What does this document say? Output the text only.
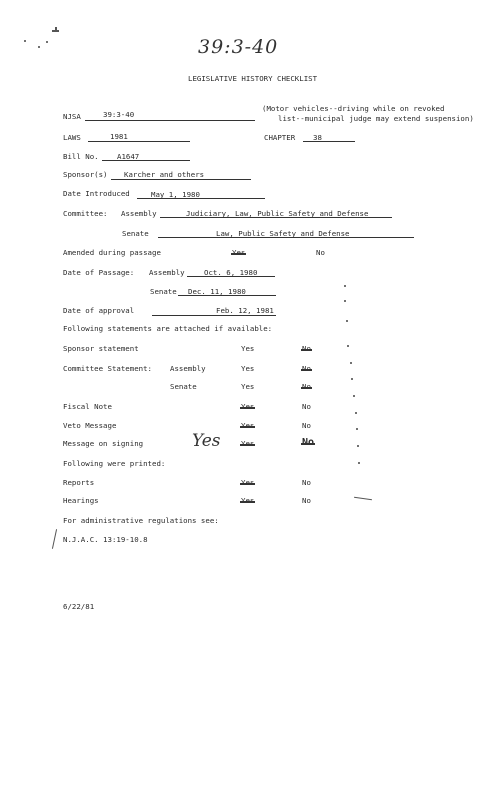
39:3-40
LEGISLATIVE HISTORY CHECKLIST
NJSA	39:3-40
(Motor vehicles--driving while on revoked
list--municipal judge may extend suspension)
LAWS	1981	CHAPTER 38
Bill No. A1647
Sponsor(s) Karcher and others
Date Introduced	May 1, 1980
Committee: Assembly	Judiciary, Law, Public Safety and Defense
Senate	Law, Public Safety and Defense
Amended during passage	Yes	No
Date of Passage: Assembly	Oct. 6, 1980
Senate Dec. 11, 1980
Date of approval	Feb. 12, 1981
Following statements are attached if available:
Sponsor statement	Yes	No
Committee Statement: Assembly	Yes	No
Senate	Yes	No
Fiscal Note	Yes	No
Veto Message	Yes	No
Message on signing	Yes	Yes	No
Following were printed:
Reports	Yes	No
Hearings	Yes	No
For administrative regulations see:
N.J.A.C. 13:19-10.8
6/22/81
